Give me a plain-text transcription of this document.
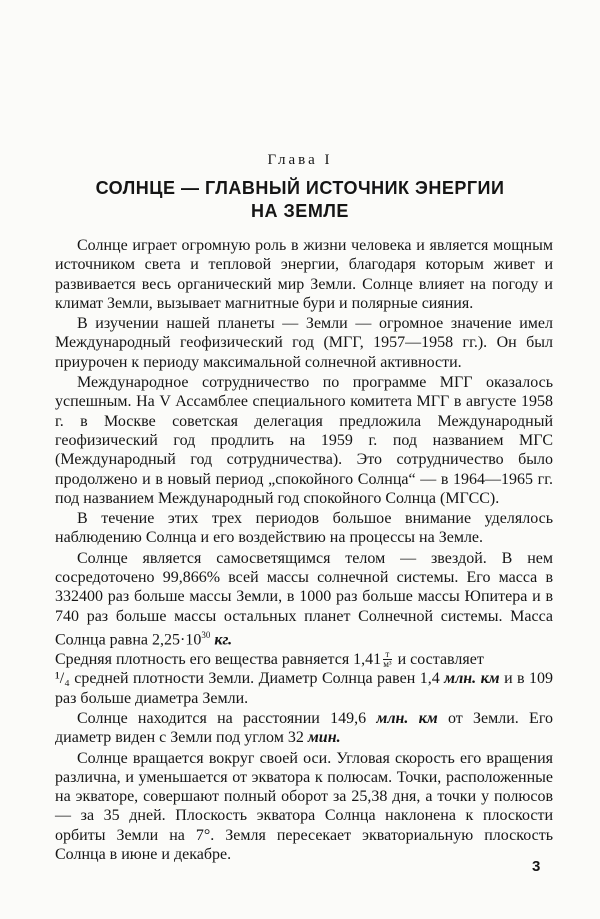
Глава I
СОЛНЦЕ — ГЛАВНЫЙ ИСТОЧНИК ЭНЕРГИИ
НА ЗЕМЛЕ

Солнце играет огромную роль в жизни человека и является мощным источником света и тепловой энергии, благодаря которым живет и развивается весь органический мир Земли. Солнце влияет на погоду и климат Земли, вызывает магнитные бури и полярные сияния.

В изучении нашей планеты — Земли — огромное значение имел Международный геофизический год (МГГ, 1957—1958 гг.). Он был приурочен к периоду максимальной солнечной активности.

Международное сотрудничество по программе МГГ оказалось успешным. На V Ассамблее специального комитета МГГ в августе 1958 г. в Москве советская делегация предложила Международный геофизический год продлить на 1959 г. под названием МГС (Международный год сотрудничества). Это сотрудничество было продолжено и в новый период „спокойного Солнца“ — в 1964—1965 гг. под названием Международный год спокойного Солнца (МГСС).

В течение этих трех периодов большое внимание уделялось наблюдению Солнца и его воздействию на процессы на Земле.

Солнце является самосветящимся телом — звездой. В нем сосредоточено 99,866% всей массы солнечной системы. Его масса в 332400 раз больше массы Земли, в 1000 раз больше массы Юпитера и в 740 раз больше массы остальных планет Солнечной системы. Масса Солнца равна $2,25\cdot 10^{30}$ кг.

Средняя плотность его вещества равняется $1,41 \frac{т}{\text{м³}}$ и составляет

¹/₄ средней плотности Земли. Диаметр Солнца равен 1,4 млн. км и в 109 раз больше диаметра Земли.

Солнце находится на расстоянии 149,6 млн. км от Земли. Его диаметр виден с Земли под углом 32 мин.

Солнце вращается вокруг своей оси. Угловая скорость его вращения различна, и уменьшается от экватора к полюсам. Точки, расположенные на экваторе, совершают полный оборот за 25,38 дня, а точки у полюсов — за 35 дней. Плоскость экватора Солнца наклонена к плоскости орбиты Земли на 7°. Земля пересекает экваториальную плоскость Солнца в июне и декабре.

3
